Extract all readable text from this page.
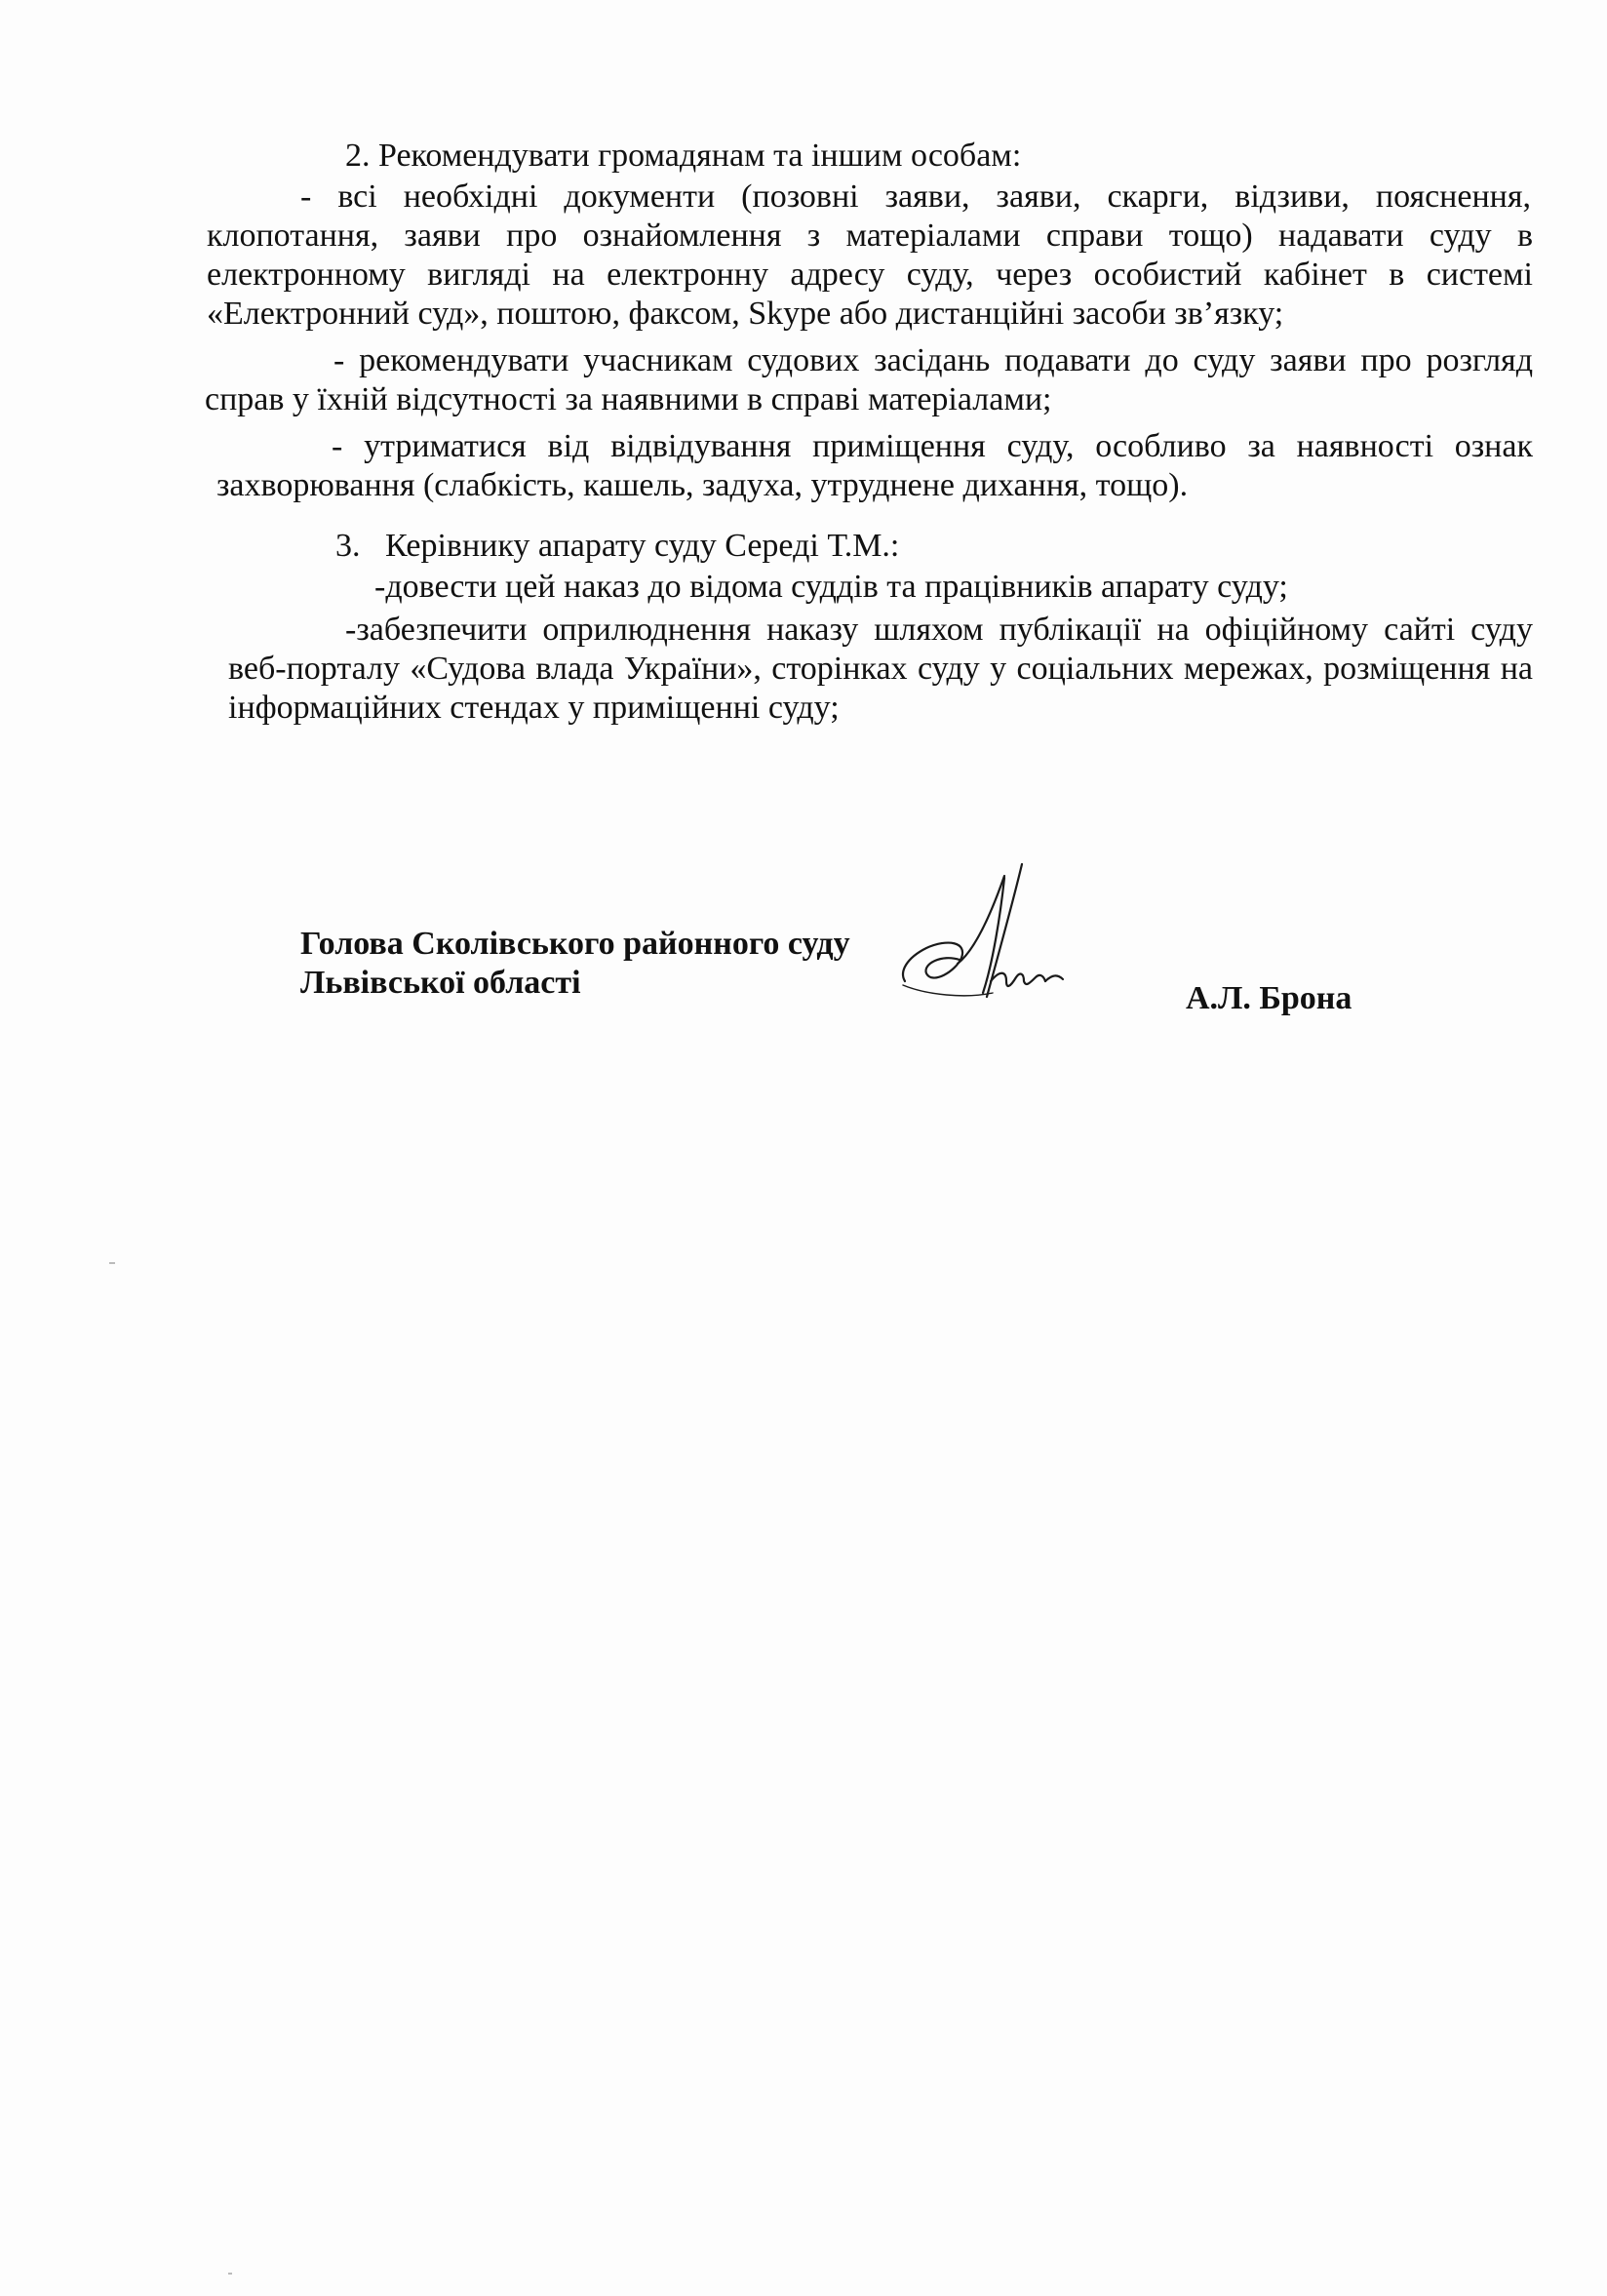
2. Рекомендувати громадянам та іншим особам:
- всі необхідні документи (позовні заяви, заяви, скарги, відзиви, пояснення,
клопотання, заяви про ознайомлення з матеріалами справи тощо) надавати суду в
електронному вигляді на електронну адресу суду, через особистий кабінет в системі
«Електронний суд», поштою, факсом, Skype або дистанційні засоби зв’язку;
- рекомендувати учасникам судових засідань подавати до суду заяви про розгляд
справ у їхній відсутності за наявними в справі матеріалами;
- утриматися від відвідування приміщення суду, особливо за наявності ознак
захворювання (слабкість, кашель, задуха, утруднене дихання, тощо).
3.   Керівнику апарату суду Середі Т.М.:
-довести цей наказ до відома суддів та працівників апарату суду;
-забезпечити оприлюднення наказу шляхом публікації на офіційному сайті суду
веб-порталу «Судова влада України», сторінках суду у соціальних мережах, розміщення на
інформаційних стендах у приміщенні суду;
Голова Сколівського районного суду
Львівської області	А.Л. Брона
